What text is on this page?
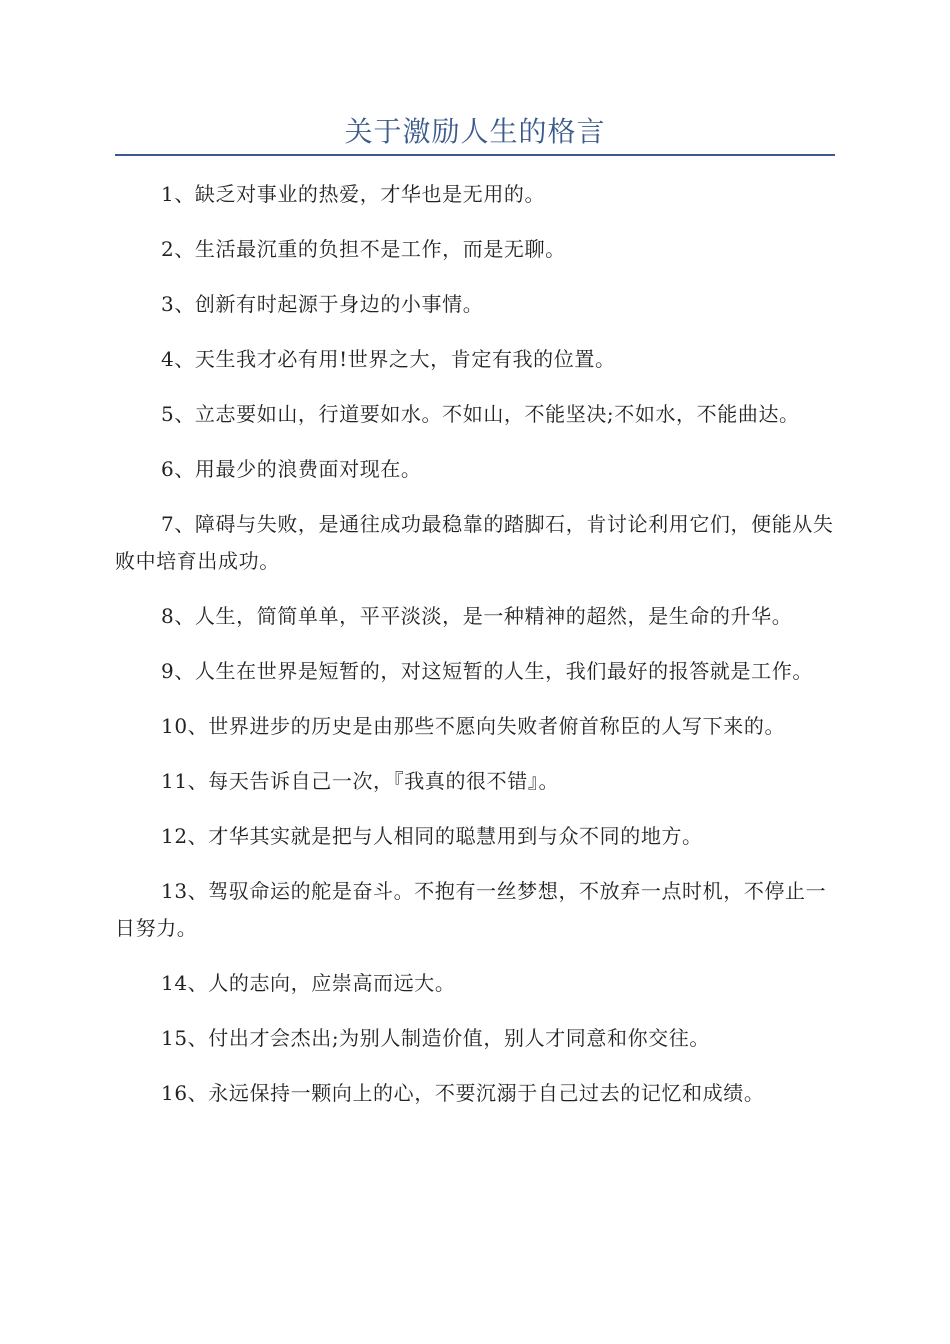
关于激励人生的格言

1、缺乏对事业的热爱，才华也是无用的。

2、生活最沉重的负担不是工作，而是无聊。

3、创新有时起源于身边的小事情。

4、天生我才必有用!世界之大，肯定有我的位置。

5、立志要如山，行道要如水。不如山，不能坚决;不如水，不能曲达。

6、用最少的浪费面对现在。

7、障碍与失败，是通往成功最稳靠的踏脚石，肯讨论利用它们，便能从失败中培育出成功。

8、人生，简简单单，平平淡淡，是一种精神的超然，是生命的升华。

9、人生在世界是短暂的，对这短暂的人生，我们最好的报答就是工作。

10、世界进步的历史是由那些不愿向失败者俯首称臣的人写下来的。

11、每天告诉自己一次，『我真的很不错』。

12、才华其实就是把与人相同的聪慧用到与众不同的地方。

13、驾驭命运的舵是奋斗。不抱有一丝梦想，不放弃一点时机，不停止一日努力。

14、人的志向，应崇高而远大。

15、付出才会杰出;为别人制造价值，别人才同意和你交往。

16、永远保持一颗向上的心，不要沉溺于自己过去的记忆和成绩。
